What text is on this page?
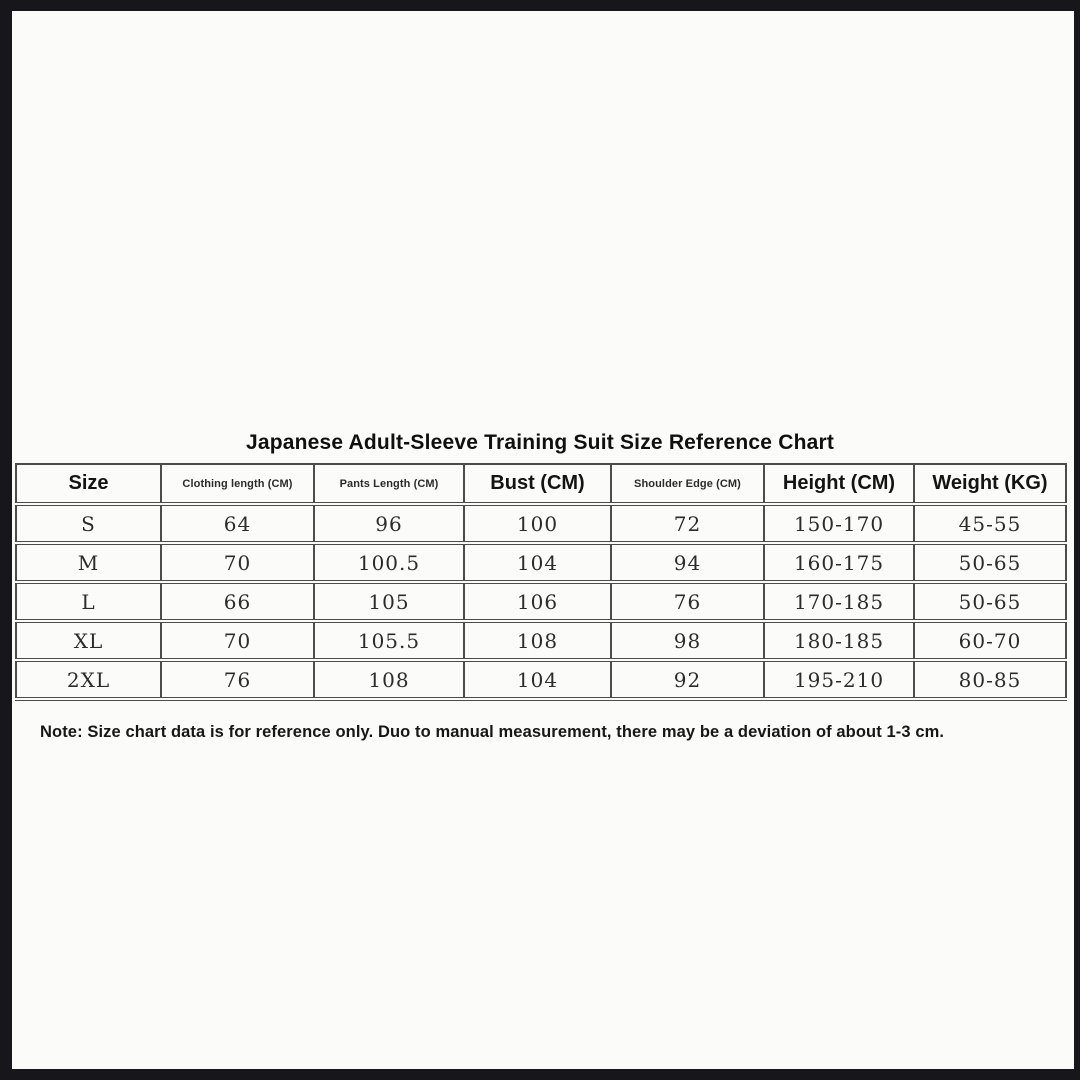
Japanese Adult-Sleeve Training Suit Size Reference Chart
Size	Clothing length (CM)	Pants Length (CM)	Bust (CM)	Shoulder Edge (CM)	Height (CM)	Weight (KG)
S	64	96	100	72	150-170	45-55
M	70	100.5	104	94	160-175	50-65
L	66	105	106	76	170-185	50-65
XL	70	105.5	108	98	180-185	60-70
2XL	76	108	104	92	195-210	80-85
Note: Size chart data is for reference only. Duo to manual measurement, there may be a deviation of about 1-3 cm.
